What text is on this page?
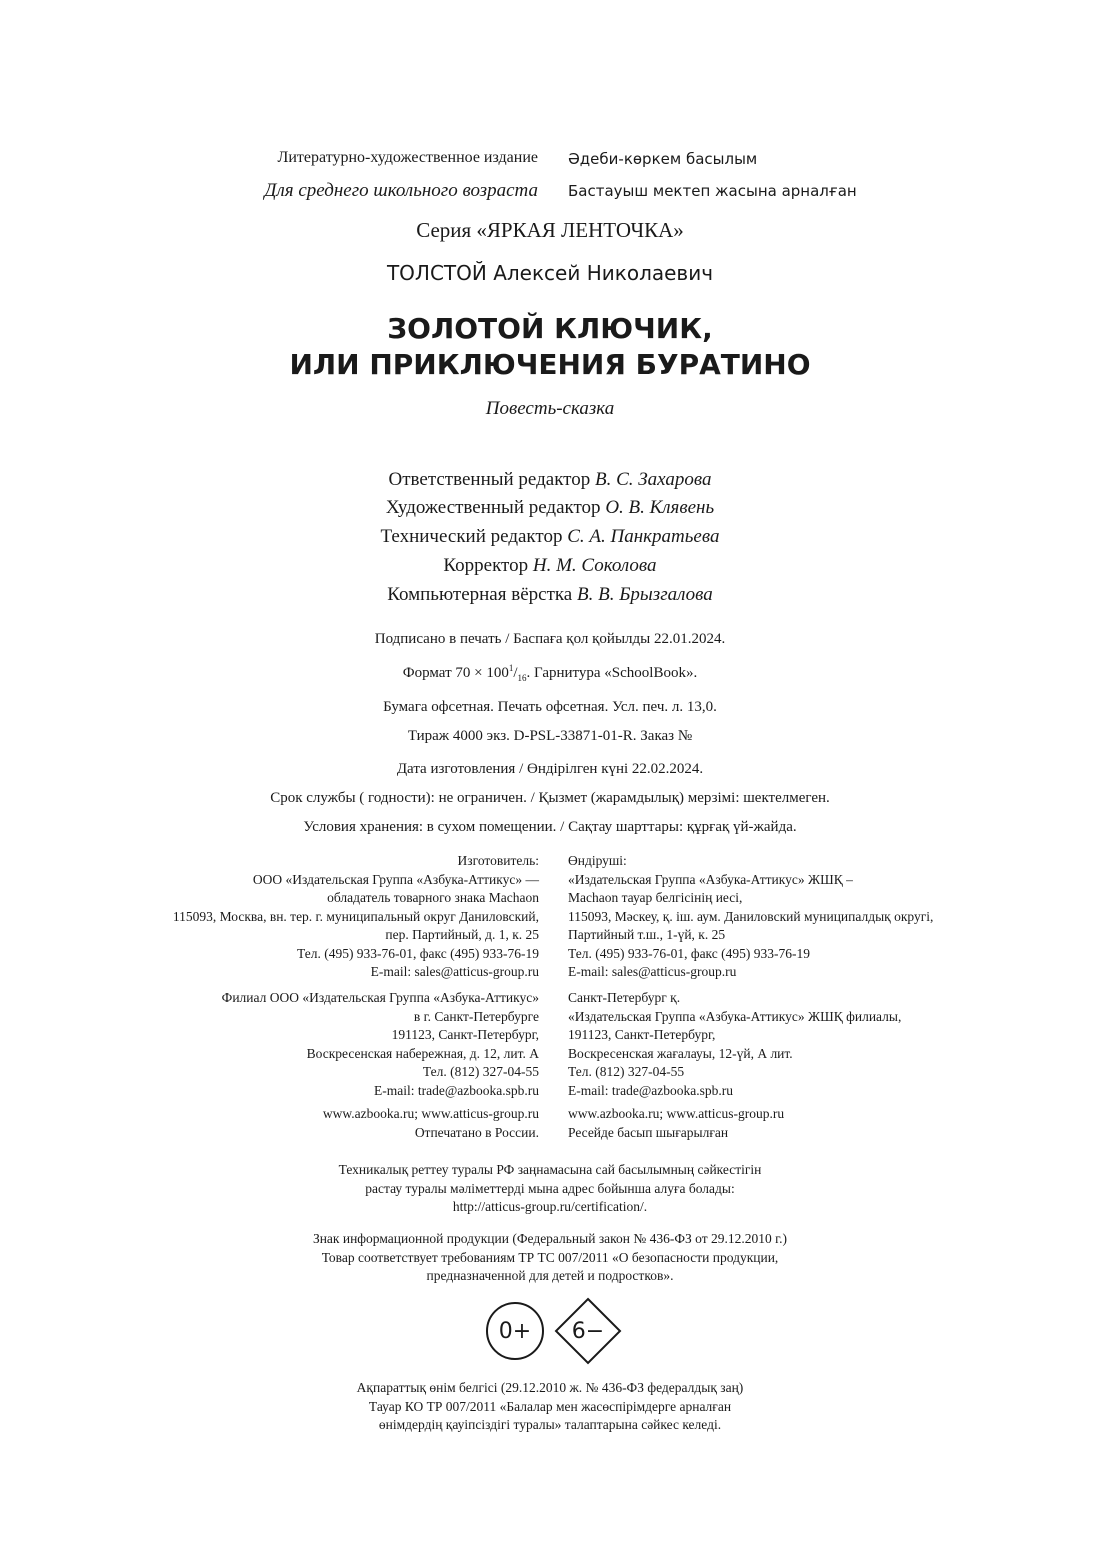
Литературно-художественное издание Әдеби-көркем басылым
Для среднего школьного возраста Бастауыш мектеп жасына арналған
Серия «ЯРКАЯ ЛЕНТОЧКА»
ТОЛСТОЙ Алексей Николаевич
ЗОЛОТОЙ КЛЮЧИК,
ИЛИ ПРИКЛЮЧЕНИЯ БУРАТИНО
Повесть-сказка
Ответственный редактор В. С. Захарова
Художественный редактор О. В. Клявень
Технический редактор С. А. Панкратьева
Корректор Н. М. Соколова
Компьютерная вёрстка В. В. Брызгалова
Подписано в печать / Баспаға қол қойылды 22.01.2024.
Формат $70 \times 100^1/_{16}$. Гарнитура «SchoolBook».
Бумага офсетная. Печать офсетная. Усл. печ. л. 13,0.
Тираж 4000 экз. D-PSL-33871-01-R. Заказ №
Дата изготовления / Өндірілген күні 22.02.2024.
Срок службы ( годности): не ограничен. / Қызмет (жарамдылық) мерзімі: шектелмеген.
Условия хранения: в сухом помещении. / Сақтау шарттары: құрғақ үй-жайда.
Изготовитель:
ООО «Издательская Группа «Азбука-Аттикус» —
обладатель товарного знака Machaon
115093, Москва, вн. тер. г. муниципальный округ Даниловский,
пер. Партийный, д. 1, к. 25
Тел. (495) 933-76-01, факс (495) 933-76-19
E-mail: sales@atticus-group.ru
Өндіруші:
«Издательская Группа «Азбука-Аттикус» ЖШҚ –
Machaon тауар белгісінің иесі,
115093, Мәскеу, қ. іш. аум. Даниловский муниципалдық округі,
Партийный т.ш., 1-үй, к. 25
Тел. (495) 933-76-01, факс (495) 933-76-19
E-mail: sales@atticus-group.ru
Филиал ООО «Издательская Группа «Азбука-Аттикус»
в г. Санкт-Петербурге
191123, Санкт-Петербург,
Воскресенская набережная, д. 12, лит. А
Тел. (812) 327-04-55
E-mail: trade@azbooka.spb.ru
Санкт-Петербург қ.
«Издательская Группа «Азбука-Аттикус» ЖШҚ филиалы,
191123, Санкт-Петербург,
Воскресенская жағалауы, 12-үй, А лит.
Тел. (812) 327-04-55
E-mail: trade@azbooka.spb.ru
www.azbooka.ru; www.atticus-group.ru
Отпечатано в России.
www.azbooka.ru; www.atticus-group.ru
Ресейде басып шығарылған
Техникалық реттеу туралы РФ заңнамасына сай басылымның сәйкестігін
растау туралы мәліметтерді мына адрес бойынша алуға болады:
http://atticus-group.ru/certification/.
Знак информационной продукции (Федеральный закон № 436-ФЗ от 29.12.2010 г.)
Товар соответствует требованиям ТР ТС 007/2011 «О безопасности продукции,
предназначенной для детей и подростков».
0+	6−
Ақпараттық өнім белгісі (29.12.2010 ж. № 436-ФЗ федералдық заң)
Тауар КО ТР 007/2011 «Балалар мен жасөспірімдерге арналған
өнімдердің қауіпсіздігі туралы» талаптарына сәйкес келеді.
